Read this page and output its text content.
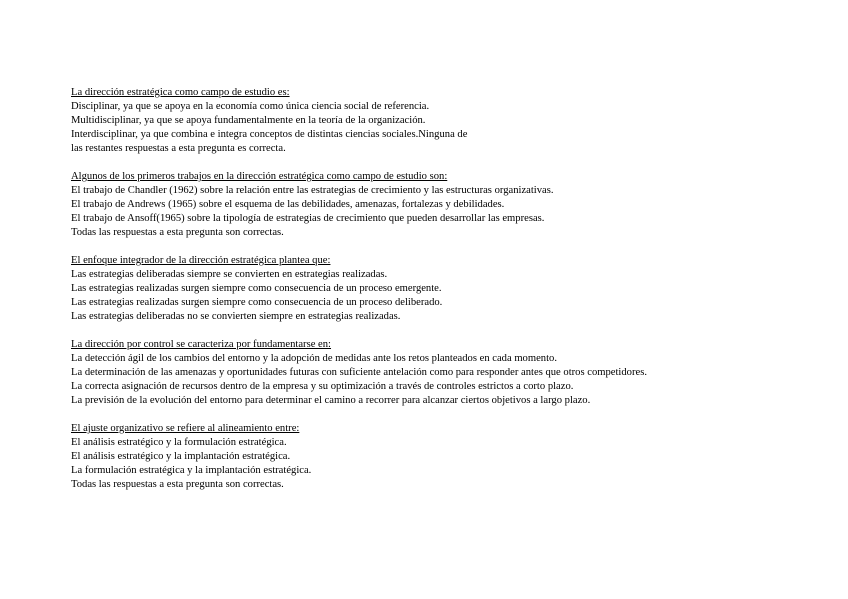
La dirección estratégica como campo de estudio es:
Disciplinar, ya que se apoya en la economía como única ciencia social de referencia.
Multidisciplinar, ya que se apoya fundamentalmente en la teoría de la organización.
Interdisciplinar, ya que combina e integra conceptos de distintas ciencias sociales.Ninguna de
las restantes respuestas a esta pregunta es correcta.
Algunos de los primeros trabajos en la dirección estratégica como campo de estudio son:
El trabajo de Chandler (1962) sobre la relación entre las estrategias de crecimiento y las estructuras organizativas.
El trabajo de Andrews (1965) sobre el esquema de las debilidades, amenazas, fortalezas y debilidades.
El trabajo de Ansoff(1965) sobre la tipología de estrategias de crecimiento que pueden desarrollar las empresas.
Todas las respuestas a esta pregunta son correctas.
El enfoque integrador de la dirección estratégica plantea que:
Las estrategias deliberadas siempre se convierten en estrategias realizadas.
Las estrategias realizadas surgen siempre como consecuencia de un proceso emergente.
Las estrategias realizadas surgen siempre como consecuencia de un proceso deliberado.
Las estrategias deliberadas no se convierten siempre en estrategias realizadas.
La dirección por control se caracteriza por fundamentarse en:
La detección ágil de los cambios del entorno y la adopción de medidas ante los retos planteados en cada momento.
La determinación de las amenazas y oportunidades futuras con suficiente antelación como para responder antes que otros competidores.
La correcta asignación de recursos dentro de la empresa y su optimización a través de controles estrictos a corto plazo.
La previsión de la evolución del entorno para determinar el camino a recorrer para alcanzar ciertos objetivos a largo plazo.
El ajuste organizativo se refiere al alineamiento entre:
El análisis estratégico y la formulación estratégica.
El análisis estratégico y la implantación estratégica.
La formulación estratégica y la implantación estratégica.
Todas las respuestas a esta pregunta son correctas.
